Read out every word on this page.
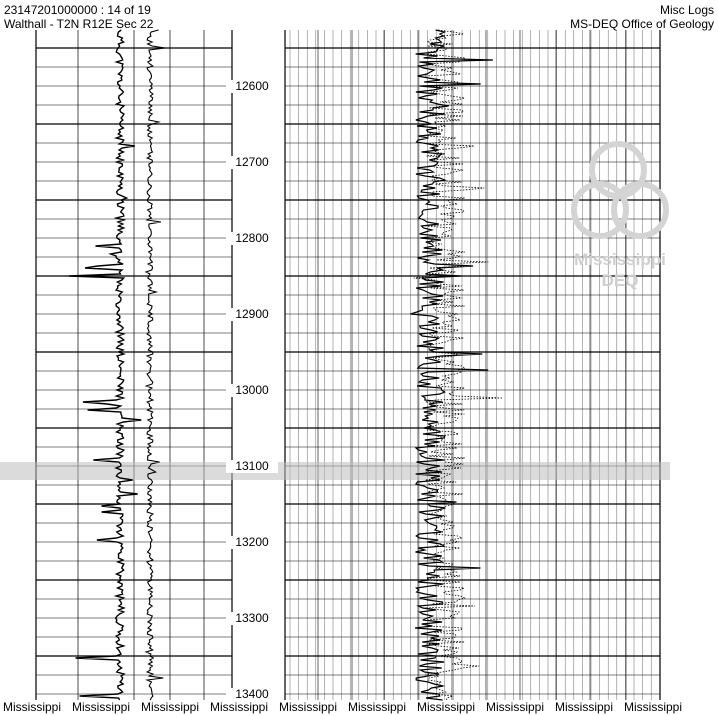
23147201000000 : 14 of 19
Walthall - T2N R12E Sec 22
Misc Logs
MS-DEQ Office of Geology
12600
12700
12800
12900
13000
13100
13200
13300
13400
Mississippi
DEQ
Mississippi Mississippi Mississippi Mississippi Mississippi Mississippi Mississippi Mississippi Mississippi Mississippi
